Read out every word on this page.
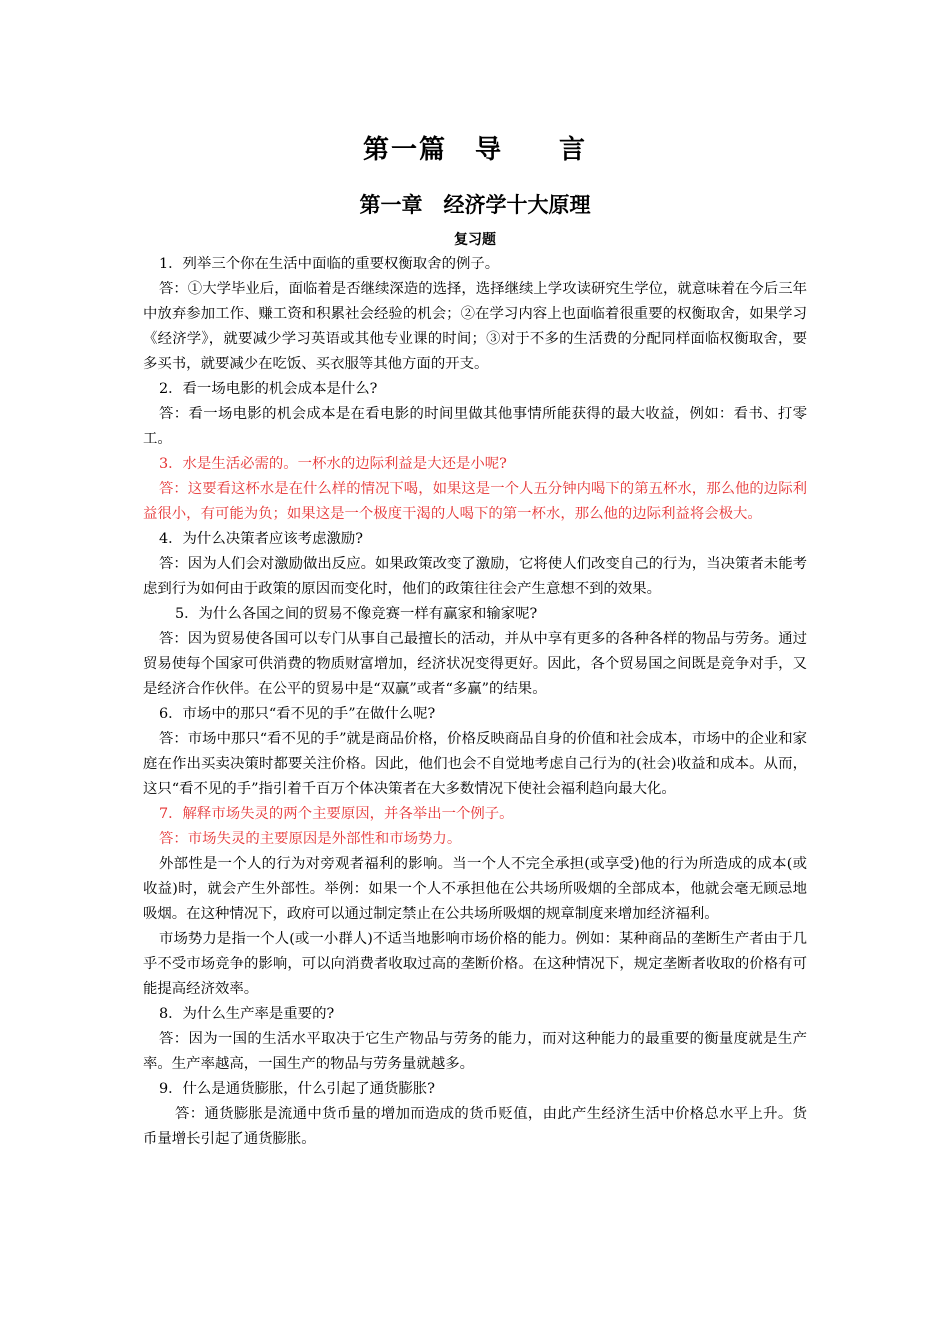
第一篇　导　　言
第一章　经济学十大原理
复习题

1．列举三个你在生活中面临的重要权衡取舍的例子。

答：①大学毕业后，面临着是否继续深造的选择，选择继续上学攻读研究生学位，就意味着在今后三年中放弃参加工作、赚工资和积累社会经验的机会；②在学习内容上也面临着很重要的权衡取舍，如果学习《经济学》，就要减少学习英语或其他专业课的时间；③对于不多的生活费的分配同样面临权衡取舍，要多买书，就要减少在吃饭、买衣服等其他方面的开支。

2．看一场电影的机会成本是什么?

答：看一场电影的机会成本是在看电影的时间里做其他事情所能获得的最大收益，例如：看书、打零工。

3．水是生活必需的。一杯水的边际利益是大还是小呢?

答：这要看这杯水是在什么样的情况下喝，如果这是一个人五分钟内喝下的第五杯水，那么他的边际利益很小，有可能为负；如果这是一个极度干渴的人喝下的第一杯水，那么他的边际利益将会极大。

4．为什么决策者应该考虑激励?

答：因为人们会对激励做出反应。如果政策改变了激励，它将使人们改变自己的行为，当决策者未能考虑到行为如何由于政策的原因而变化时，他们的政策往往会产生意想不到的效果。

5．为什么各国之间的贸易不像竞赛一样有赢家和输家呢?

答：因为贸易使各国可以专门从事自己最擅长的活动，并从中享有更多的各种各样的物品与劳务。通过贸易使每个国家可供消费的物质财富增加，经济状况变得更好。因此，各个贸易国之间既是竞争对手，又是经济合作伙伴。在公平的贸易中是“双赢”或者“多赢”的结果。

6．市场中的那只“看不见的手”在做什么呢?

答：市场中那只“看不见的手”就是商品价格，价格反映商品自身的价值和社会成本，市场中的企业和家庭在作出买卖决策时都要关注价格。因此，他们也会不自觉地考虑自己行为的(社会)收益和成本。从而，这只“看不见的手”指引着千百万个体决策者在大多数情况下使社会福利趋向最大化。

7．解释市场失灵的两个主要原因，并各举出一个例子。

答：市场失灵的主要原因是外部性和市场势力。

外部性是一个人的行为对旁观者福利的影响。当一个人不完全承担(或享受)他的行为所造成的成本(或收益)时，就会产生外部性。举例：如果一个人不承担他在公共场所吸烟的全部成本，他就会毫无顾忌地吸烟。在这种情况下，政府可以通过制定禁止在公共场所吸烟的规章制度来增加经济福利。

市场势力是指一个人(或一小群人)不适当地影响市场价格的能力。例如：某种商品的垄断生产者由于几乎不受市场竞争的影响，可以向消费者收取过高的垄断价格。在这种情况下，规定垄断者收取的价格有可能提高经济效率。

8．为什么生产率是重要的?

答：因为一国的生活水平取决于它生产物品与劳务的能力，而对这种能力的最重要的衡量度就是生产率。生产率越高，一国生产的物品与劳务量就越多。

9．什么是通货膨胀，什么引起了通货膨胀?

答：通货膨胀是流通中货币量的增加而造成的货币贬值，由此产生经济生活中价格总水平上升。货币量增长引起了通货膨胀。
